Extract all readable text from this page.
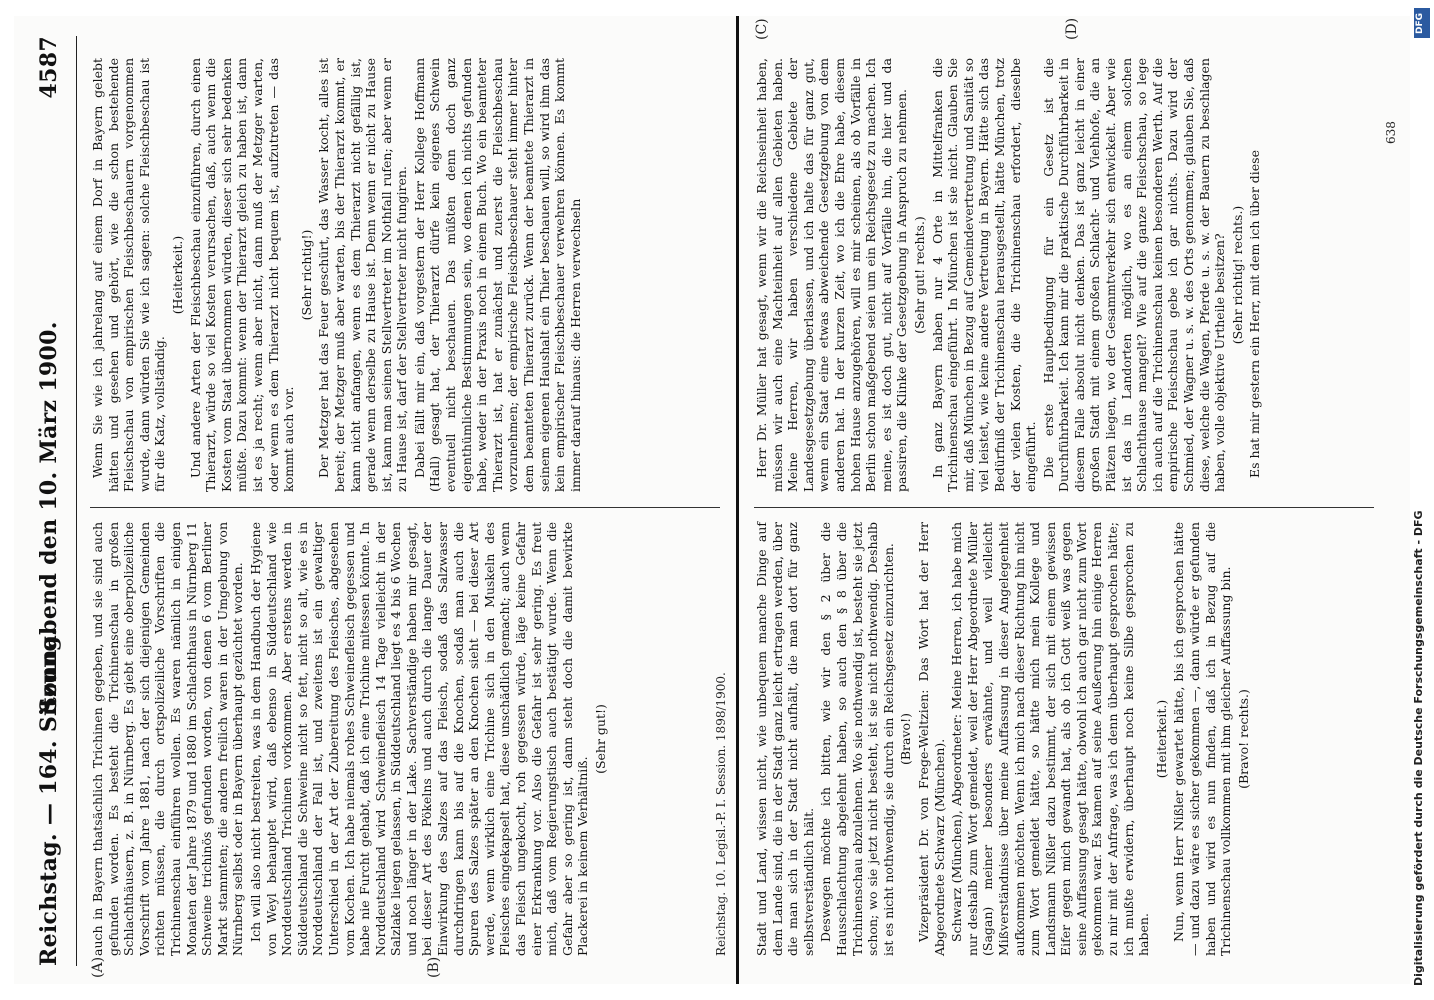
Reichstag. — 164. Sitzung.
Sonnabend den 10. März 1900.                            4587
(A)	(B)
(C)	(D)

auch in Bayern thatsächlich Trichinen gegeben, und sie sind auch gefunden worden. Es besteht die Trichinenschau in großen Schlachthäusern, z. B. in Nürnberg. Es giebt eine oberpolizeiliche Vorschrift vom Jahre 1881, nach der sich diejenigen Gemeinden richten müssen, die durch ortspolizeiliche Vorschriften die Trichinenschau einführen wollen. Es waren nämlich in einigen Monaten der Jahre 1879 und 1880 im Schlachthaus in Nürnberg 11 Schweine trichinös gefunden worden, von denen 6 vom Berliner Markt stammten; die andern freilich waren in der Umgebung von Nürnberg selbst oder in Bayern überhaupt gezüchtet worden. Ich will also nicht bestreiten, was in dem Handbuch der Hygiene von Weyl behauptet wird, daß ebenso in Süddeutschland wie Norddeutschland Trichinen vorkommen. Aber erstens werden in Süddeutschland die Schweine nicht so fett, nicht so alt, wie es in Norddeutschland der Fall ist, und zweitens ist ein gewaltiger Unterschied in der Art der Zubereitung des Fleisches, abgesehen vom Kochen. Ich habe niemals rohes Schweinefleisch gegessen und habe nie Furcht gehabt, daß ich eine Trichine mitessen könnte. In Norddeutschland wird Schweinefleisch 14 Tage vielleicht in der Salzlake liegen gelassen, in Süddeutschland liegt es 4 bis 6 Wochen und noch länger in der Lake. Sachverständige haben mir gesagt, bei dieser Art des Pökelns und auch durch die lange Dauer der Einwirkung des Salzes auf das Fleisch, sodaß das Salzwasser durchdringen kann bis auf die Knochen, sodaß man auch die Spuren des Salzes später an den Knochen sieht — bei dieser Art werde, wenn wirklich eine Trichine sich in den Muskeln des Fleisches eingekapselt hat, diese unschädlich gemacht; auch wenn das Fleisch ungekocht, roh gegessen würde, läge keine Gefahr einer Erkrankung vor. Also die Gefahr ist sehr gering. Es freut mich, daß vom Regierungstisch auch bestätigt wurde. Wenn die Gefahr aber so gering ist, dann steht doch die damit bewirkte Plackerei in keinem Verhältniß.

(Sehr gut!)

Wenn Sie wie ich jahrelang auf einem Dorf in Bayern gelebt hätten und gesehen und gehört, wie die schon bestehende Fleischschau von empirischen Fleischbeschauern vorgenommen wurde, dann würden Sie wie ich sagen: solche Fleischbeschau ist für die Katz, vollständig.

(Heiterkeit.) Und andere Arten der Fleischbeschau einzuführen, durch einen Thierarzt, würde so viel Kosten verursachen, daß, auch wenn die Kosten vom Staat übernommen würden, dieser sich sehr bedenken müßte. Dazu kommt: wenn der Thierarzt gleich zu haben ist, dann ist es ja recht; wenn aber nicht, dann muß der Metzger warten, oder wenn es dem Thierarzt nicht bequem ist, aufzutreten — das kommt auch vor.

(Sehr richtig!) Der Metzger hat das Feuer geschürt, das Wasser kocht, alles ist bereit; der Metzger muß aber warten, bis der Thierarzt kommt, er kann nicht anfangen, wenn es dem Thierarzt nicht gefällig ist, gerade wenn derselbe zu Hause ist. Denn wenn er nicht zu Hause ist, kann man seinen Stellvertreter im Nothfall rufen; aber wenn er zu Hause ist, darf der Stellvertreter nicht fungiren. Dabei fällt mir ein, daß vorgestern der Herr Kollege Hoffmann (Hall) gesagt hat, der Thierarzt dürfe kein eigenes Schwein eventuell nicht beschauen. Das müßten denn doch ganz eigenthümliche Bestimmungen sein, wo denen ich nichts gefunden habe, weder in der Praxis noch in einem Buch. Wo ein beamteter Thierarzt ist, hat er zunächst und zuerst die Fleischbeschau vorzunehmen; der empirische Fleischbeschauer steht immer hinter dem beamteten Thierarzt zurück. Wenn der beamtete Thierarzt in seinem eigenen Haushalt ein Thier beschauen will, so wird ihm das kein empirischer Fleischbeschauer verwehren können. Es kommt immer darauf hinaus: die Herren verwechseln

Stadt und Land, wissen nicht, wie unbequem manche Dinge auf dem Lande sind, die in der Stadt ganz leicht ertragen werden, über die man sich in der Stadt nicht aufhält, die man dort für ganz selbstverständlich hält. Deswegen möchte ich bitten, wie wir den § 2 über die Hausschlachtung abgelehnt haben, so auch den § 8 über die Trichinenschau abzulehnen. Wo sie nothwendig ist, besteht sie jetzt schon; wo sie jetzt nicht besteht, ist sie nicht nothwendig. Deshalb ist es nicht nothwendig, sie durch ein Reichsgesetz einzurichten. (Bravo!) Vizepräsident Dr. von Frege-Weltzien: Das Wort hat der Herr Abgeordnete Schwarz (München). Schwarz (München), Abgeordneter: Meine Herren, ich habe mich nur deshalb zum Wort gemeldet, weil der Herr Abgeordnete Müller (Sagan) meiner besonders erwähnte, und weil vielleicht Mißverständnisse über meine Auffassung in dieser Angelegenheit aufkommen möchten. Wenn ich mich nach dieser Richtung hin nicht zum Wort gemeldet hätte, so hätte mich mein Kollege und Landsmann Nißler dazu bestimmt, der sich mit einem gewissen Eifer gegen mich gewandt hat, als ob ich Gott weiß was gegen seine Auffassung gesagt hätte, obwohl ich auch gar nicht zum Wort gekommen war. Es kamen auf seine Aeußerung hin einige Herren zu mir mit der Anfrage, was ich denn überhaupt gesprochen hätte; ich mußte erwidern, überhaupt noch keine Silbe gesprochen zu haben.

(Heiterkeit.) Nun, wenn Herr Nißler gewartet hätte, bis ich gesprochen hätte — und dazu wäre es sicher gekommen —, dann würde er gefunden haben und wird es nun finden, daß ich in Bezug auf die Trichinenschau vollkommen mit ihm gleicher Auffassung bin. (Bravo! rechts.)

Herr Dr. Müller hat gesagt, wenn wir die Reichseinheit haben, müssen wir auch eine Machteinheit auf allen Gebieten haben. Meine Herren, wir haben verschiedene Gebiete der Landesgesetzgebung überlassen, und ich halte das für ganz gut, wenn ein Staat eine etwas abweichende Gesetzgebung von dem anderen hat. In der kurzen Zeit, wo ich die Ehre habe, diesem hohen Hause anzugehören, will es mir scheinen, als ob Vorfälle in Berlin schon maßgebend seien um ein Reichsgesetz zu machen. Ich meine, es ist doch gut, nicht auf Vorfälle hin, die hier und da passiren, die Klinke der Gesetzgebung in Anspruch zu nehmen. (Sehr gut! rechts.) In ganz Bayern haben nur 4 Orte in Mittelfranken die Trichinenschau eingeführt. In München ist sie nicht. Glauben Sie mir, daß München in Bezug auf Gemeindevertretung und Sanität so viel leistet, wie keine andere Vertretung in Bayern. Hätte sich das Bedürfniß der Trichinenschau herausgestellt, hätte München, trotz der vielen Kosten, die die Trichinenschau erfordert, dieselbe eingeführt. Die erste Hauptbedingung für ein Gesetz ist die Durchführbarkeit. Ich kann mir die praktische Durchführbarkeit in diesem Falle absolut nicht denken. Das ist ganz leicht in einer großen Stadt mit einem großen Schlacht- und Viehhofe, die an Plätzen liegen, wo der Gesammtverkehr sich entwickelt. Aber wie ist das in Landorten möglich, wo es an einem solchen Schlachthause mangelt? Wie auf die ganze Fleischschau, so lege ich auch auf die Trichinenschau keinen besonderen Werth. Auf die empirische Fleischschau gebe ich gar nichts. Dazu wird der Schmied, der Wagner u. s. w. des Orts genommen; glauben Sie, daß diese, welche die Wagen, Pferde u. s. w. der Bauern zu beschlagen haben, volle objektive Urtheile besitzen? (Sehr richtig! rechts.) Es hat mir gestern ein Herr, mit dem ich über diese

Reichstag. 10. Legisl.-P. I. Session. 1898/1900.
638
Digitalisierung gefördert durch die Deutsche Forschungsgemeinschaft - DFG
DFG
